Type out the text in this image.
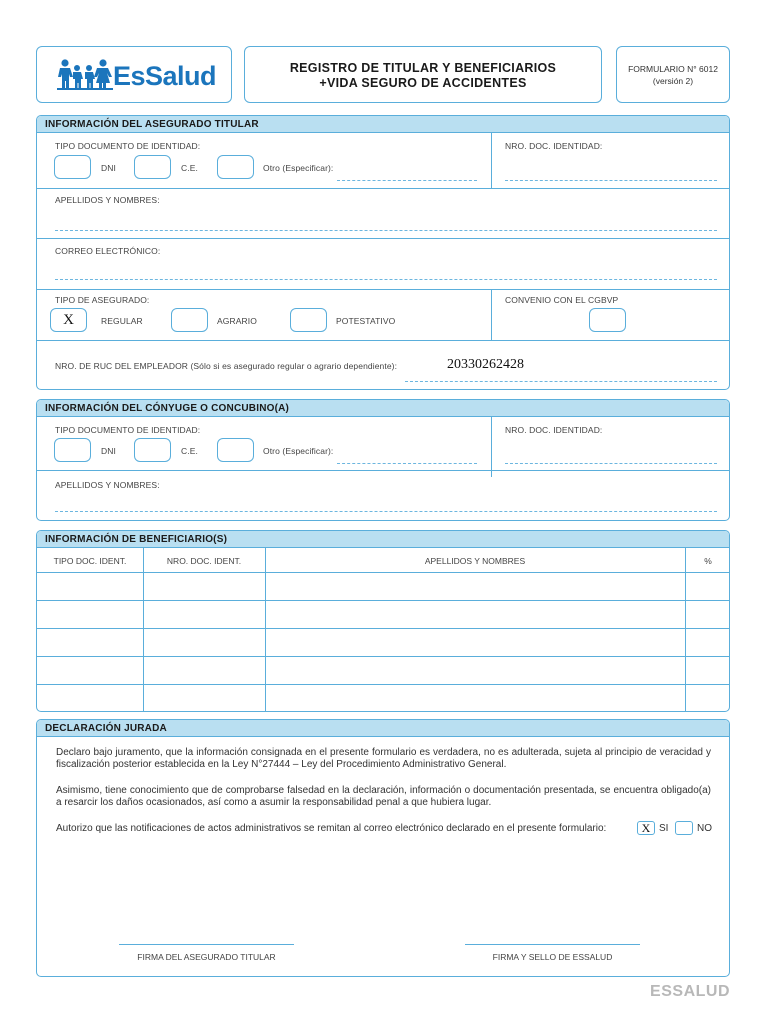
EsSalud	REGISTRO DE TITULAR Y BENEFICIARIOS
+VIDA SEGURO DE ACCIDENTES
FORMULARIO N° 6012
(versión 2)
INFORMACIÓN DEL ASEGURADO TITULAR
TIPO DOCUMENTO DE IDENTIDAD:
DNI	C.E.	Otro (Especificar):
NRO. DOC. IDENTIDAD:
APELLIDOS Y NOMBRES:
CORREO ELECTRÓNICO:
TIPO DE ASEGURADO:
X	REGULAR	AGRARIO	POTESTATIVO
CONVENIO CON EL CGBVP
NRO. DE RUC DEL EMPLEADOR (Sólo si es asegurado regular o agrario dependiente):	20330262428
INFORMACIÓN DEL CÓNYUGE O CONCUBINO(A)
TIPO DOCUMENTO DE IDENTIDAD:
DNI	C.E.	Otro (Especificar):
NRO. DOC. IDENTIDAD:
APELLIDOS Y NOMBRES:
INFORMACIÓN DE BENEFICIARIO(S)
TIPO DOC. IDENT.	NRO. DOC. IDENT.	APELLIDOS Y NOMBRES	%
DECLARACIÓN JURADA
Declaro bajo juramento, que la información consignada en el presente formulario es verdadera, no es adulterada, sujeta al principio de veracidad y fiscalización posterior establecida en la Ley N°27444 – Ley del Procedimiento Administrativo General.
Asimismo, tiene conocimiento que de comprobarse falsedad en la declaración, información o documentación presentada, se encuentra obligado(a) a resarcir los daños ocasionados, así como a asumir la responsabilidad penal a que hubiera lugar.
Autorizo que las notificaciones de actos administrativos se remitan al correo electrónico declarado en el presente formulario:	X SI	NO
FIRMA DEL ASEGURADO TITULAR	FIRMA Y SELLO DE ESSALUD
ESSALUD
